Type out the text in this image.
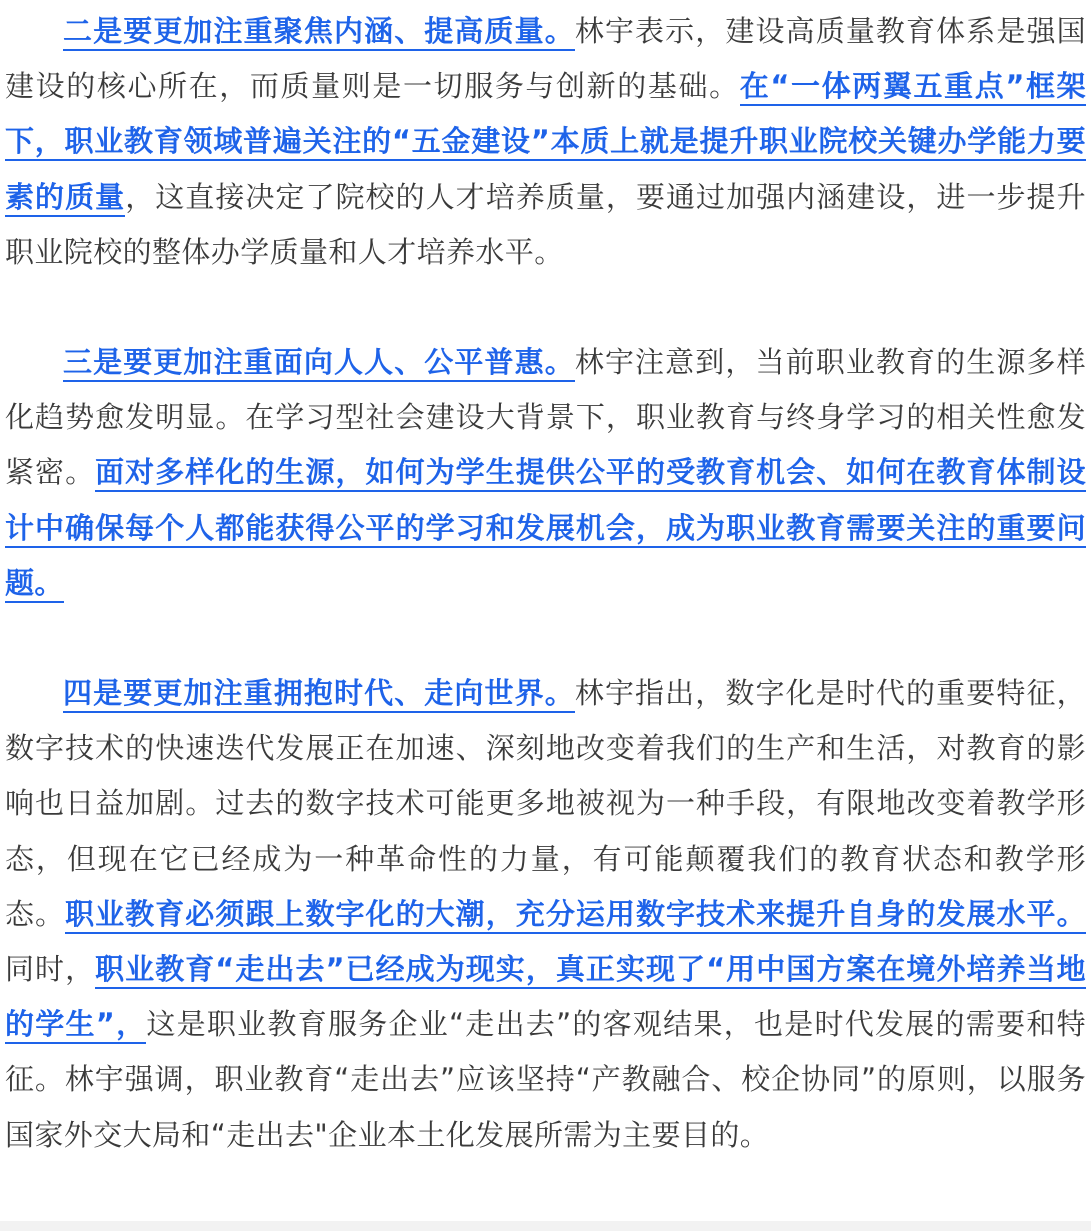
二是要更加注重聚焦内涵、提高质量。林宇表示，建设高质量教育体系是强国建设的核心所在，而质量则是一切服务与创新的基础。在“一体两翼五重点”框架下，职业教育领域普遍关注的“五金建设”本质上就是提升职业院校关键办学能力要素的质量，这直接决定了院校的人才培养质量，要通过加强内涵建设，进一步提升职业院校的整体办学质量和人才培养水平。

三是要更加注重面向人人、公平普惠。林宇注意到，当前职业教育的生源多样化趋势愈发明显。在学习型社会建设大背景下，职业教育与终身学习的相关性愈发紧密。面对多样化的生源，如何为学生提供公平的受教育机会、如何在教育体制设计中确保每个人都能获得公平的学习和发展机会，成为职业教育需要关注的重要问题。

四是要更加注重拥抱时代、走向世界。林宇指出，数字化是时代的重要特征，数字技术的快速迭代发展正在加速、深刻地改变着我们的生产和生活，对教育的影响也日益加剧。过去的数字技术可能更多地被视为一种手段，有限地改变着教学形态，但现在它已经成为一种革命性的力量，有可能颠覆我们的教育状态和教学形态。职业教育必须跟上数字化的大潮，充分运用数字技术来提升自身的发展水平。同时，职业教育“走出去”已经成为现实，真正实现了“用中国方案在境外培养当地的学生”，这是职业教育服务企业“走出去”的客观结果，也是时代发展的需要和特征。林宇强调，职业教育“走出去”应该坚持“产教融合、校企协同”的原则，以服务国家外交大局和“走出去"企业本土化发展所需为主要目的。
